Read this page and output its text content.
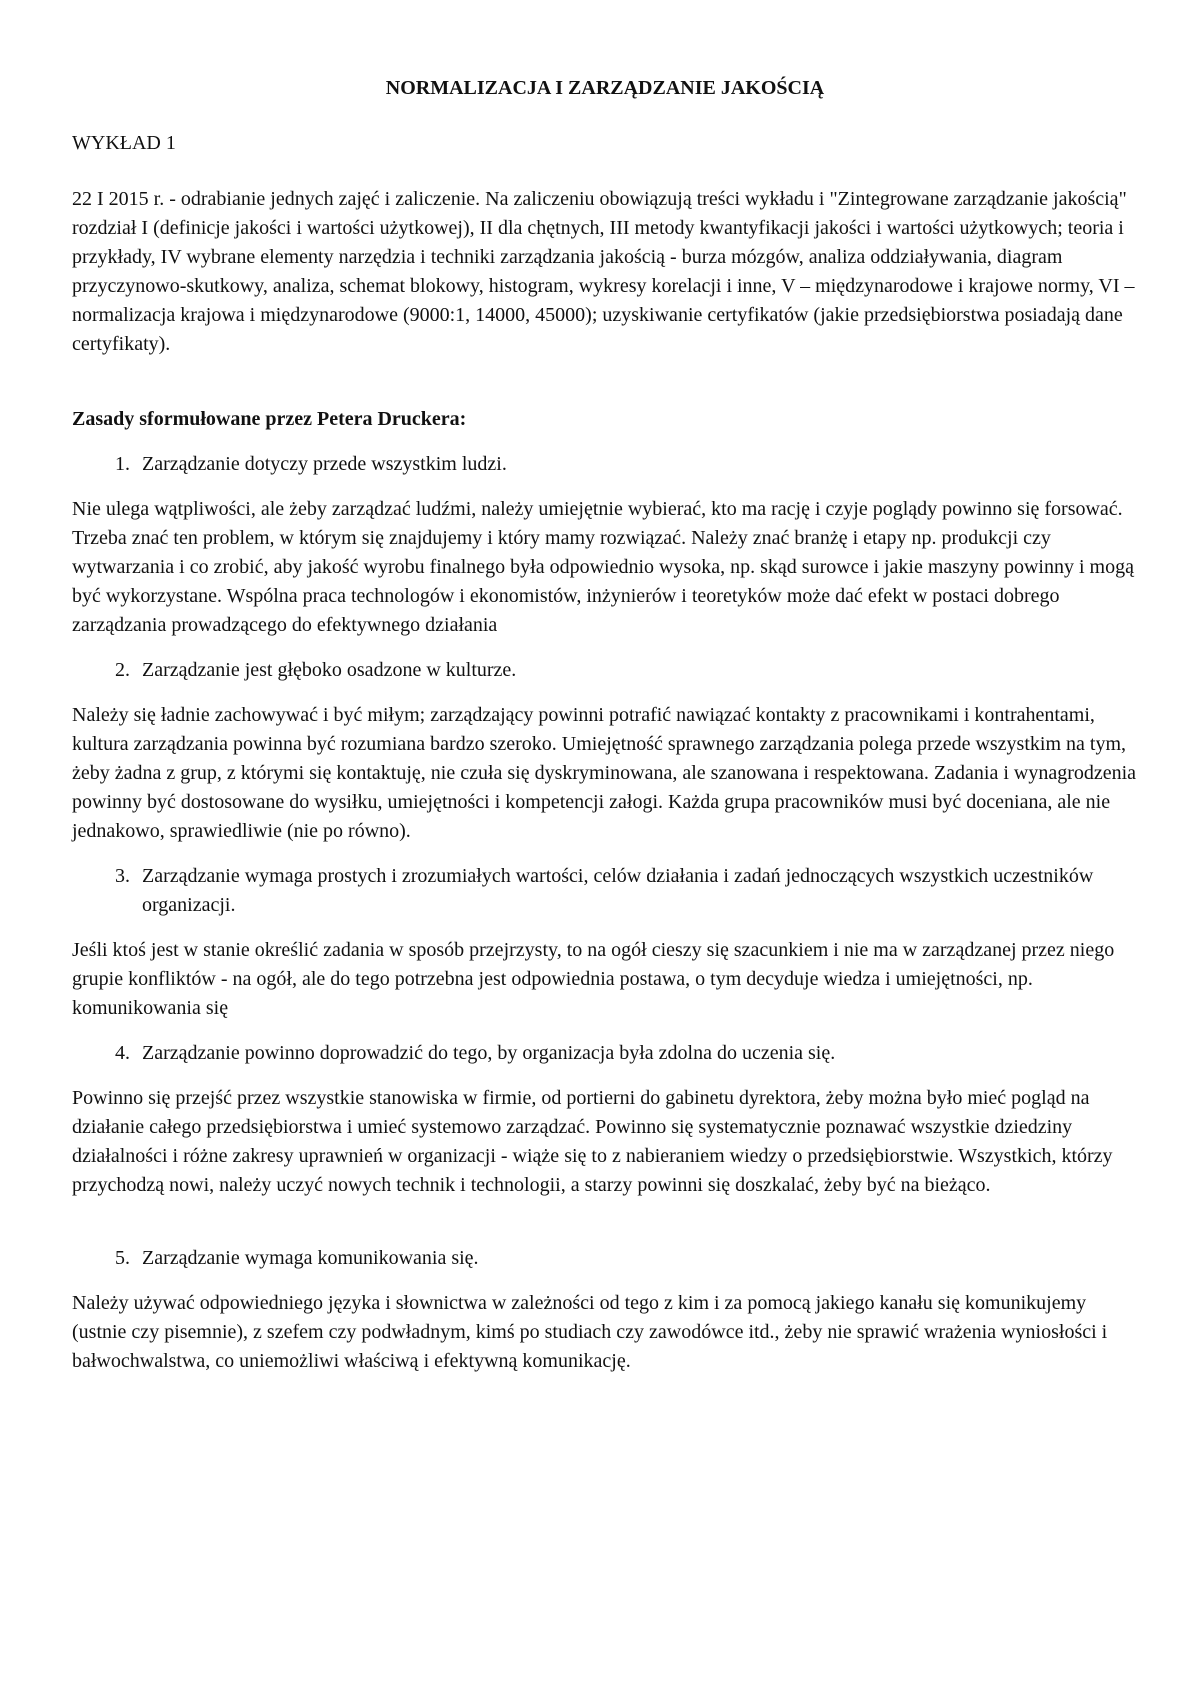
NORMALIZACJA I ZARZĄDZANIE JAKOŚCIĄ
WYKŁAD 1
22 I 2015 r. - odrabianie jednych zajęć i zaliczenie. Na zaliczeniu obowiązują treści wykładu i "Zintegrowane zarządzanie jakością" rozdział I (definicje jakości i wartości użytkowej), II dla chętnych, III metody kwantyfikacji jakości i wartości użytkowych; teoria i przykłady, IV wybrane elementy narzędzia i techniki zarządzania jakością - burza mózgów, analiza oddziaływania, diagram przyczynowo-skutkowy, analiza, schemat blokowy, histogram, wykresy korelacji i inne, V – międzynarodowe i krajowe normy, VI – normalizacja krajowa i międzynarodowe (9000:1, 14000, 45000); uzyskiwanie certyfikatów (jakie przedsiębiorstwa posiadają dane certyfikaty).
Zasady sformułowane przez Petera Druckera:
1. Zarządzanie dotyczy przede wszystkim ludzi.
Nie ulega wątpliwości, ale żeby zarządzać ludźmi, należy umiejętnie wybierać, kto ma rację i czyje poglądy powinno się forsować. Trzeba znać ten problem, w którym się znajdujemy i który mamy rozwiązać. Należy znać branżę i etapy np. produkcji czy wytwarzania i co zrobić, aby jakość wyrobu finalnego była odpowiednio wysoka, np. skąd surowce i jakie maszyny powinny i mogą być wykorzystane. Wspólna praca technologów i ekonomistów, inżynierów i teoretyków może dać efekt w postaci dobrego zarządzania prowadzącego do efektywnego działania
2. Zarządzanie jest głęboko osadzone w kulturze.
Należy się ładnie zachowywać i być miłym; zarządzający powinni potrafić nawiązać kontakty z pracownikami i kontrahentami, kultura zarządzania powinna być rozumiana bardzo szeroko. Umiejętność sprawnego zarządzania polega przede wszystkim na tym, żeby żadna z grup, z którymi się kontaktuję, nie czuła się dyskryminowana, ale szanowana i respektowana. Zadania i wynagrodzenia powinny być dostosowane do wysiłku, umiejętności i kompetencji załogi. Każda grupa pracowników musi być doceniana, ale nie jednakowo, sprawiedliwie (nie po równo).
3. Zarządzanie wymaga prostych i zrozumiałych wartości, celów działania i zadań jednoczących wszystkich uczestników organizacji.
Jeśli ktoś jest w stanie określić zadania w sposób przejrzysty, to na ogół cieszy się szacunkiem i nie ma w zarządzanej przez niego grupie konfliktów - na ogół, ale do tego potrzebna jest odpowiednia postawa, o tym decyduje wiedza i umiejętności, np. komunikowania się
4. Zarządzanie powinno doprowadzić do tego, by organizacja była zdolna do uczenia się.
Powinno się przejść przez wszystkie stanowiska w firmie, od portierni do gabinetu dyrektora, żeby można było mieć pogląd na działanie całego przedsiębiorstwa i umieć systemowo zarządzać. Powinno się systematycznie poznawać wszystkie dziedziny działalności i różne zakresy uprawnień w organizacji - wiąże się to z nabieraniem wiedzy o przedsiębiorstwie. Wszystkich, którzy przychodzą nowi, należy uczyć nowych technik i technologii, a starzy powinni się doszkalać, żeby być na bieżąco.
5. Zarządzanie wymaga komunikowania się.
Należy używać odpowiedniego języka i słownictwa w zależności od tego z kim i za pomocą jakiego kanału się komunikujemy (ustnie czy pisemnie), z szefem czy podwładnym, kimś po studiach czy zawodówce itd., żeby nie sprawić wrażenia wyniosłości i bałwochwalstwa, co uniemożliwi właściwą i efektywną komunikację.
